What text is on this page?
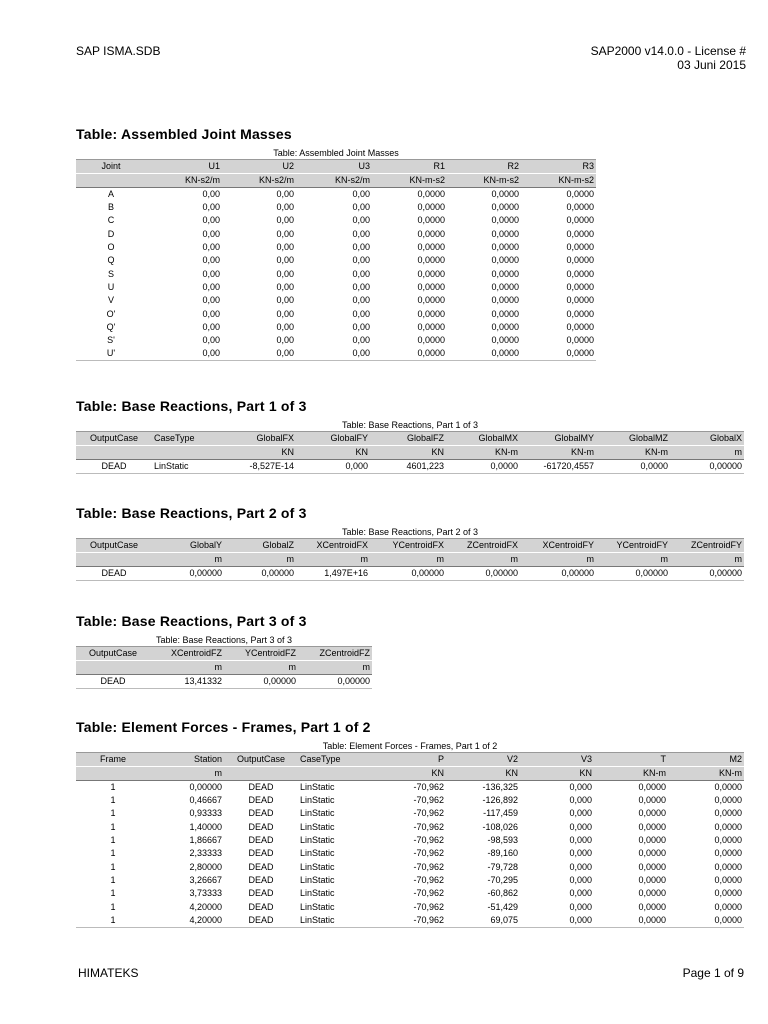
SAP ISMA.SDB	SAP2000 v14.0.0 - License #
03 Juni 2015
Table: Assembled Joint Masses
Table: Assembled Joint Masses
Joint	U1	U2	U3	R1	R2	R3
	KN-s2/m	KN-s2/m	KN-s2/m	KN-m-s2	KN-m-s2	KN-m-s2
A	0,00	0,00	0,00	0,0000	0,0000	0,0000
B	0,00	0,00	0,00	0,0000	0,0000	0,0000
C	0,00	0,00	0,00	0,0000	0,0000	0,0000
D	0,00	0,00	0,00	0,0000	0,0000	0,0000
O	0,00	0,00	0,00	0,0000	0,0000	0,0000
Q	0,00	0,00	0,00	0,0000	0,0000	0,0000
S	0,00	0,00	0,00	0,0000	0,0000	0,0000
U	0,00	0,00	0,00	0,0000	0,0000	0,0000
V	0,00	0,00	0,00	0,0000	0,0000	0,0000
O'	0,00	0,00	0,00	0,0000	0,0000	0,0000
Q'	0,00	0,00	0,00	0,0000	0,0000	0,0000
S'	0,00	0,00	0,00	0,0000	0,0000	0,0000
U'	0,00	0,00	0,00	0,0000	0,0000	0,0000
Table: Base Reactions, Part 1 of 3
Table: Base Reactions, Part 1 of 3
OutputCase	CaseType	GlobalFX	GlobalFY	GlobalFZ	GlobalMX	GlobalMY	GlobalMZ	GlobalX
		KN	KN	KN	KN-m	KN-m	KN-m	m
DEAD	LinStatic	-8,527E-14	0,000	4601,223	0,0000	-61720,4557	0,0000	0,00000
Table: Base Reactions, Part 2 of 3
Table: Base Reactions, Part 2 of 3
OutputCase	GlobalY	GlobalZ	XCentroidFX	YCentroidFX	ZCentroidFX	XCentroidFY	YCentroidFY	ZCentroidFY
	m	m	m	m	m	m	m	m
DEAD	0,00000	0,00000	1,497E+16	0,00000	0,00000	0,00000	0,00000	0,00000
Table: Base Reactions, Part 3 of 3
Table: Base Reactions, Part 3 of 3
OutputCase	XCentroidFZ	YCentroidFZ	ZCentroidFZ
	m	m	m
DEAD	13,41332	0,00000	0,00000
Table: Element Forces - Frames, Part 1 of 2
Table: Element Forces - Frames, Part 1 of 2
Frame	Station	OutputCase	CaseType	P	V2	V3	T	M2
	m			KN	KN	KN	KN-m	KN-m
1	0,00000	DEAD	LinStatic	-70,962	-136,325	0,000	0,0000	0,0000
1	0,46667	DEAD	LinStatic	-70,962	-126,892	0,000	0,0000	0,0000
1	0,93333	DEAD	LinStatic	-70,962	-117,459	0,000	0,0000	0,0000
1	1,40000	DEAD	LinStatic	-70,962	-108,026	0,000	0,0000	0,0000
1	1,86667	DEAD	LinStatic	-70,962	-98,593	0,000	0,0000	0,0000
1	2,33333	DEAD	LinStatic	-70,962	-89,160	0,000	0,0000	0,0000
1	2,80000	DEAD	LinStatic	-70,962	-79,728	0,000	0,0000	0,0000
1	3,26667	DEAD	LinStatic	-70,962	-70,295	0,000	0,0000	0,0000
1	3,73333	DEAD	LinStatic	-70,962	-60,862	0,000	0,0000	0,0000
1	4,20000	DEAD	LinStatic	-70,962	-51,429	0,000	0,0000	0,0000
1	4,20000	DEAD	LinStatic	-70,962	69,075	0,000	0,0000	0,0000
HIMATEKS	Page 1 of 9
